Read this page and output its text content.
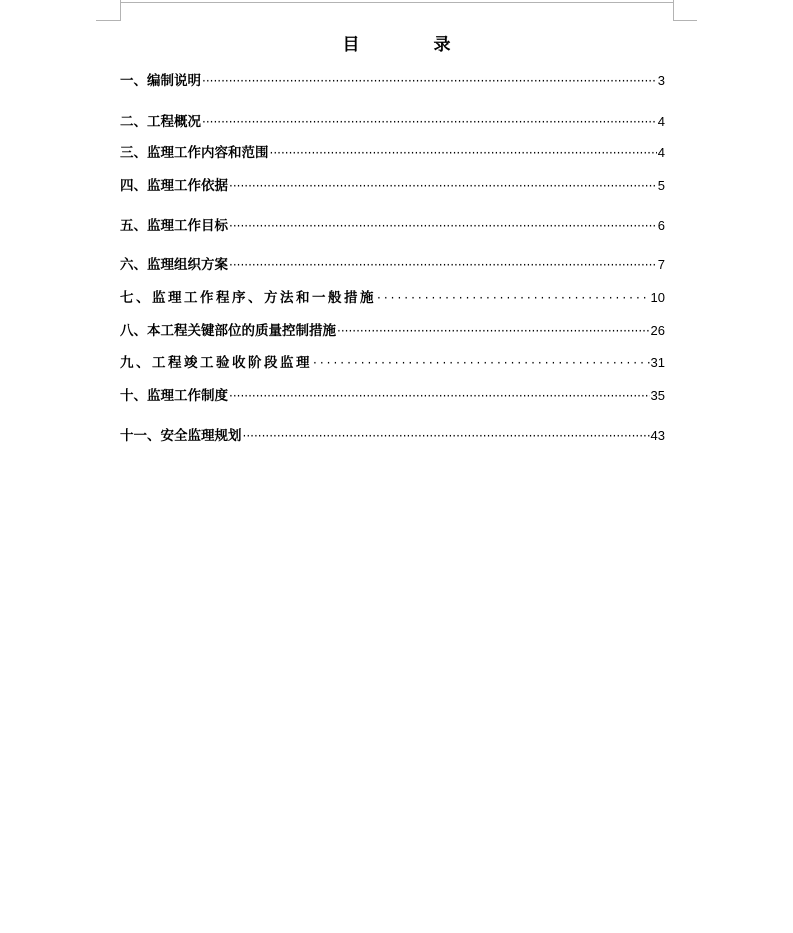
目 录
一、编制说明 ·····	3
二、工程概况 ·····	4
三、监理工作内容和范围 ·····	4
四、监理工作依据 ·····	5
五、监理工作目标 ·····	6
六、监理组织方案 ·····	7
七、监理工作程序、方法和一般措施 ·····	10
八、本工程关键部位的质量控制措施 ·····	26
九、工程竣工验收阶段监理 ·····	31
十、监理工作制度 ·····	35
十一、安全监理规划 ·····	43
